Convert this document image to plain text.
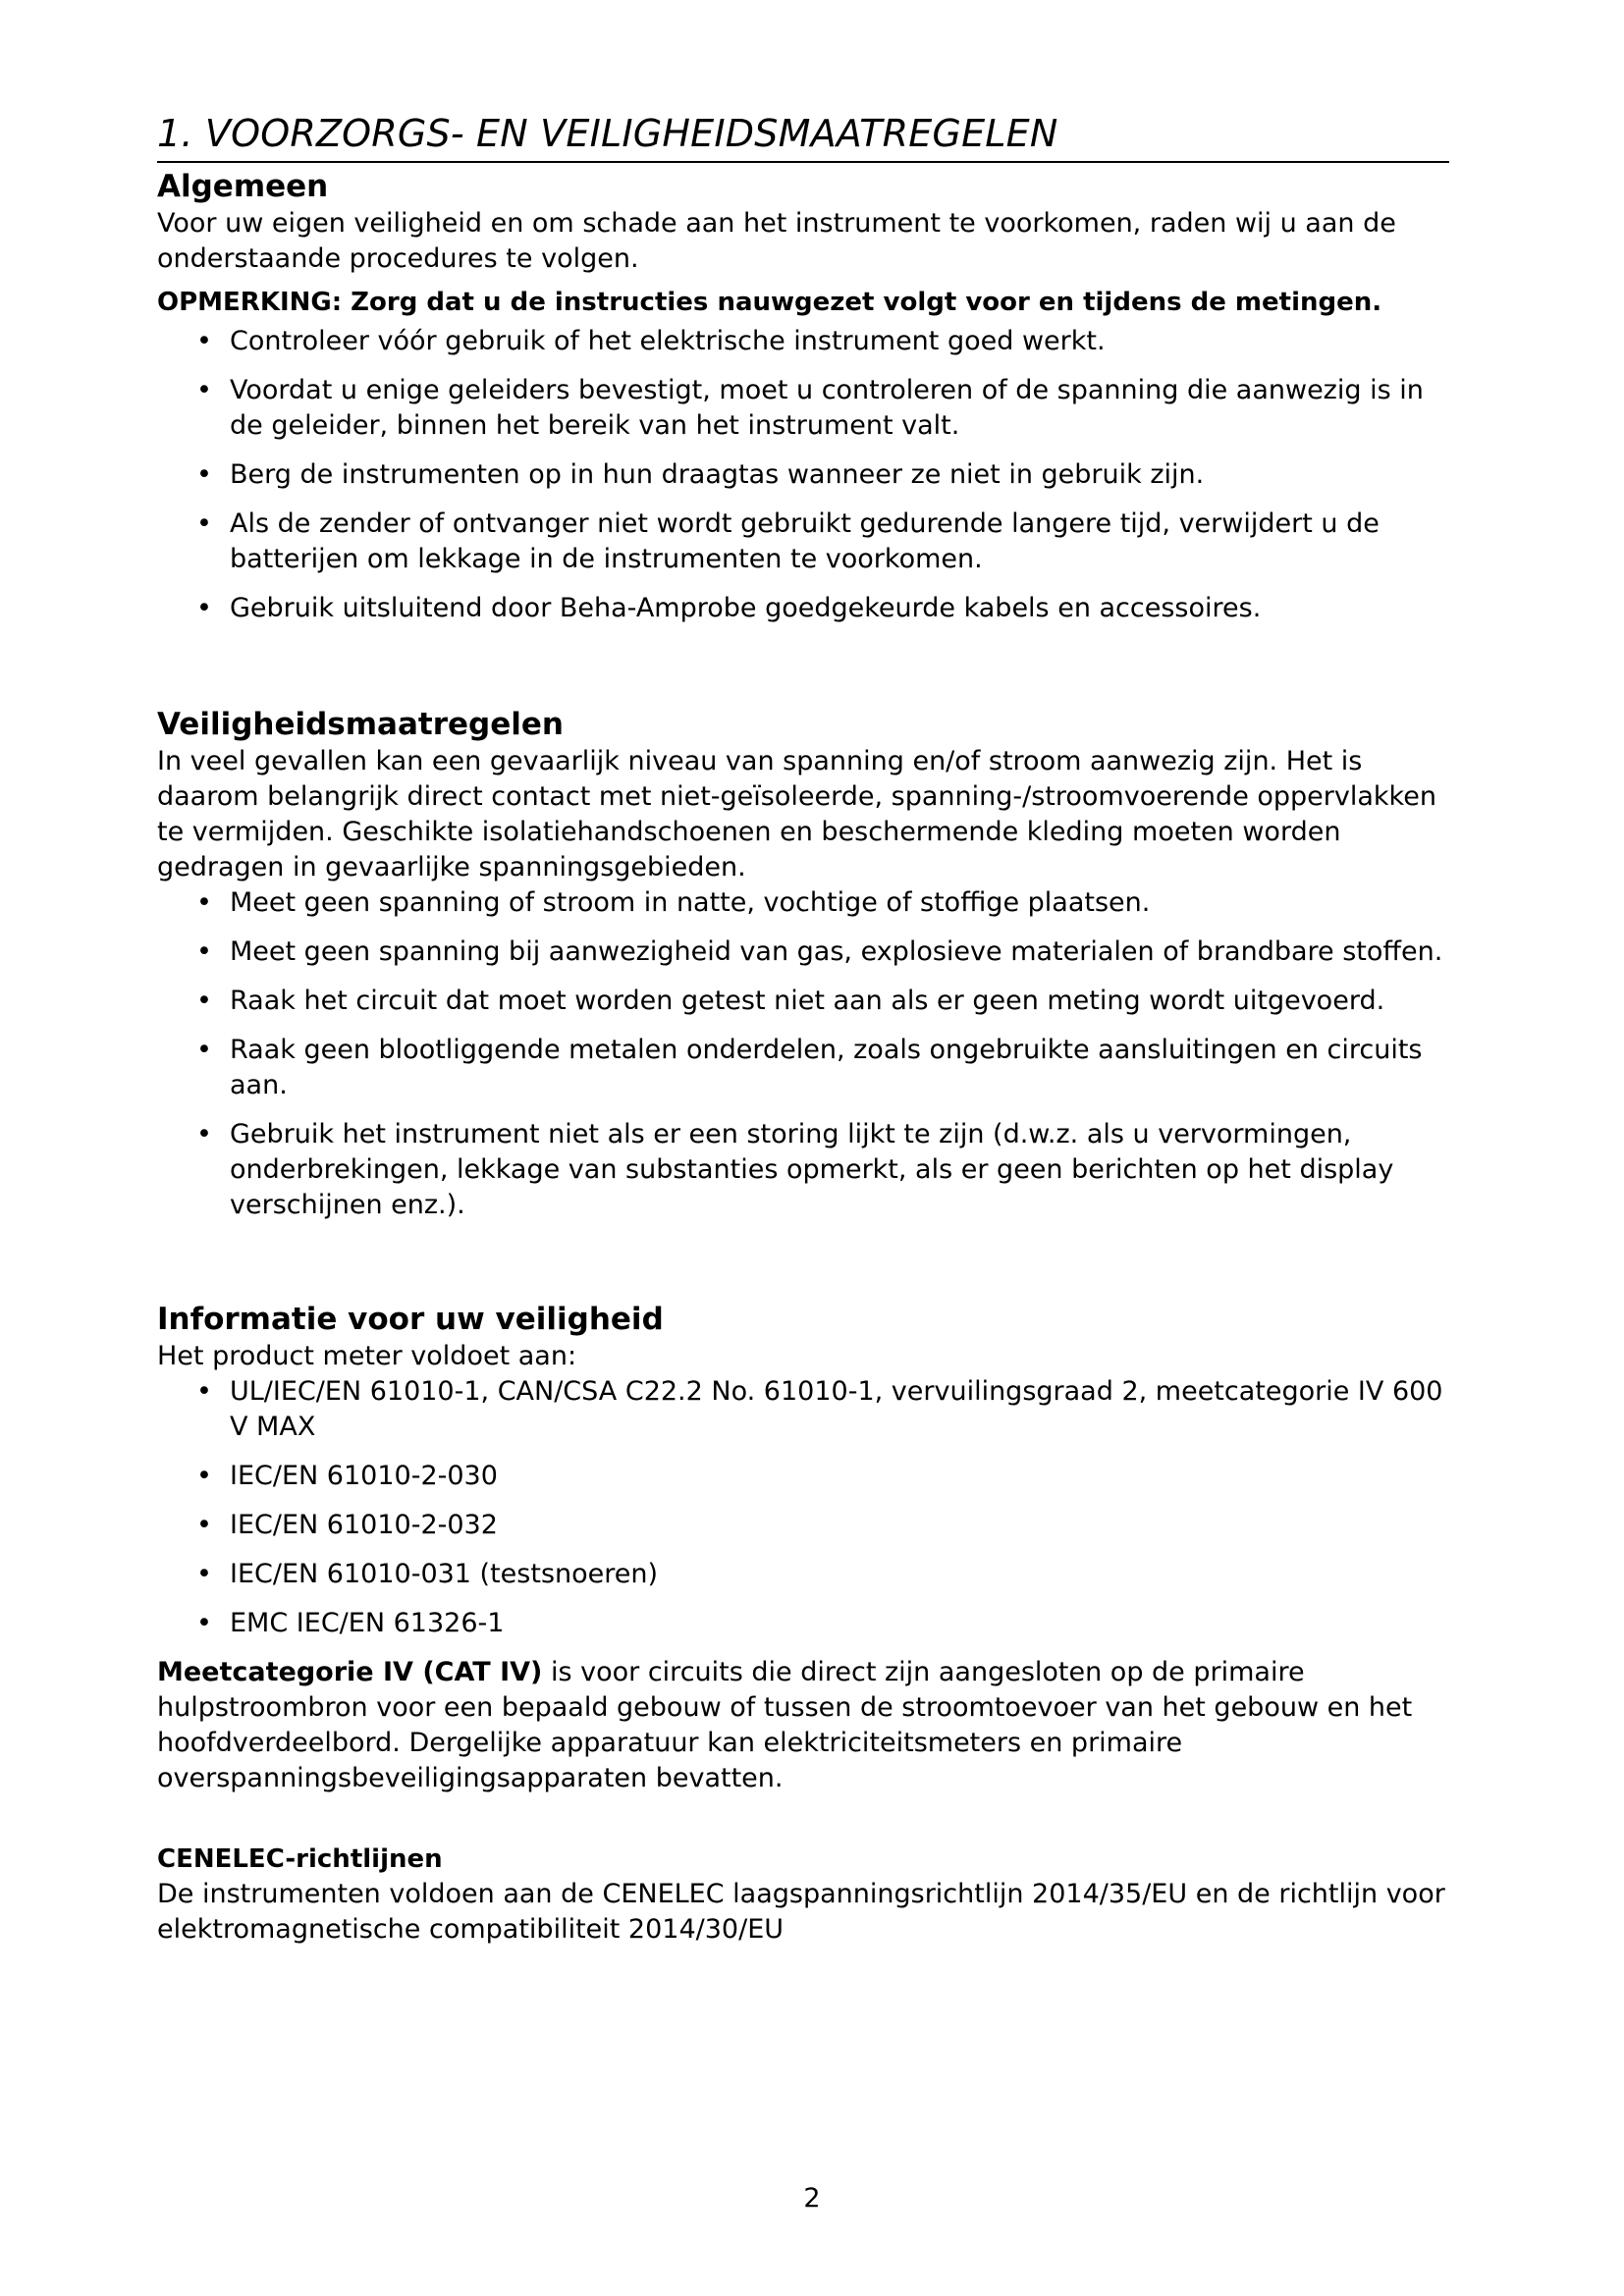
1. VOORZORGS- EN VEILIGHEIDSMAATREGELEN
Algemeen

Voor uw eigen veiligheid en om schade aan het instrument te voorkomen, raden wij u aan de onderstaande procedures te volgen.

OPMERKING: Zorg dat u de instructies nauwgezet volgt voor en tijdens de metingen.

• Controleer vóór gebruik of het elektrische instrument goed werkt.
• Voordat u enige geleiders bevestigt, moet u controleren of de spanning die aanwezig is in de geleider, binnen het bereik van het instrument valt.
• Berg de instrumenten op in hun draagtas wanneer ze niet in gebruik zijn.
• Als de zender of ontvanger niet wordt gebruikt gedurende langere tijd, verwijdert u de batterijen om lekkage in de instrumenten te voorkomen.
• Gebruik uitsluitend door Beha-Amprobe goedgekeurde kabels en accessoires.
Veiligheidsmaatregelen

In veel gevallen kan een gevaarlijk niveau van spanning en/of stroom aanwezig zijn. Het is daarom belangrijk direct contact met niet-geïsoleerde, spanning-/stroomvoerende oppervlakken te vermijden. Geschikte isolatiehandschoenen en beschermende kleding moeten worden gedragen in gevaarlijke spanningsgebieden.

• Meet geen spanning of stroom in natte, vochtige of stoffige plaatsen.
• Meet geen spanning bij aanwezigheid van gas, explosieve materialen of brandbare stoffen.
• Raak het circuit dat moet worden getest niet aan als er geen meting wordt uitgevoerd.
• Raak geen blootliggende metalen onderdelen, zoals ongebruikte aansluitingen en circuits aan.
• Gebruik het instrument niet als er een storing lijkt te zijn (d.w.z. als u vervormingen, onderbrekingen, lekkage van substanties opmerkt, als er geen berichten op het display verschijnen enz.).
Informatie voor uw veiligheid

Het product meter voldoet aan:

• UL/IEC/EN 61010-1, CAN/CSA C22.2 No. 61010-1, vervuilingsgraad 2, meetcategorie IV 600 V MAX
• IEC/EN 61010-2-030
• IEC/EN 61010-2-032
• IEC/EN 61010-031 (testsnoeren)
• EMC IEC/EN 61326-1

Meetcategorie IV (CAT IV) is voor circuits die direct zijn aangesloten op de primaire hulpstroombron voor een bepaald gebouw of tussen de stroomtoevoer van het gebouw en het hoofdverdeelbord. Dergelijke apparatuur kan elektriciteitsmeters en primaire overspanningsbeveiligingsapparaten bevatten.

CENELEC-richtlijnen

De instrumenten voldoen aan de CENELEC laagspanningsrichtlijn 2014/35/EU en de richtlijn voor elektromagnetische compatibiliteit 2014/30/EU

2
